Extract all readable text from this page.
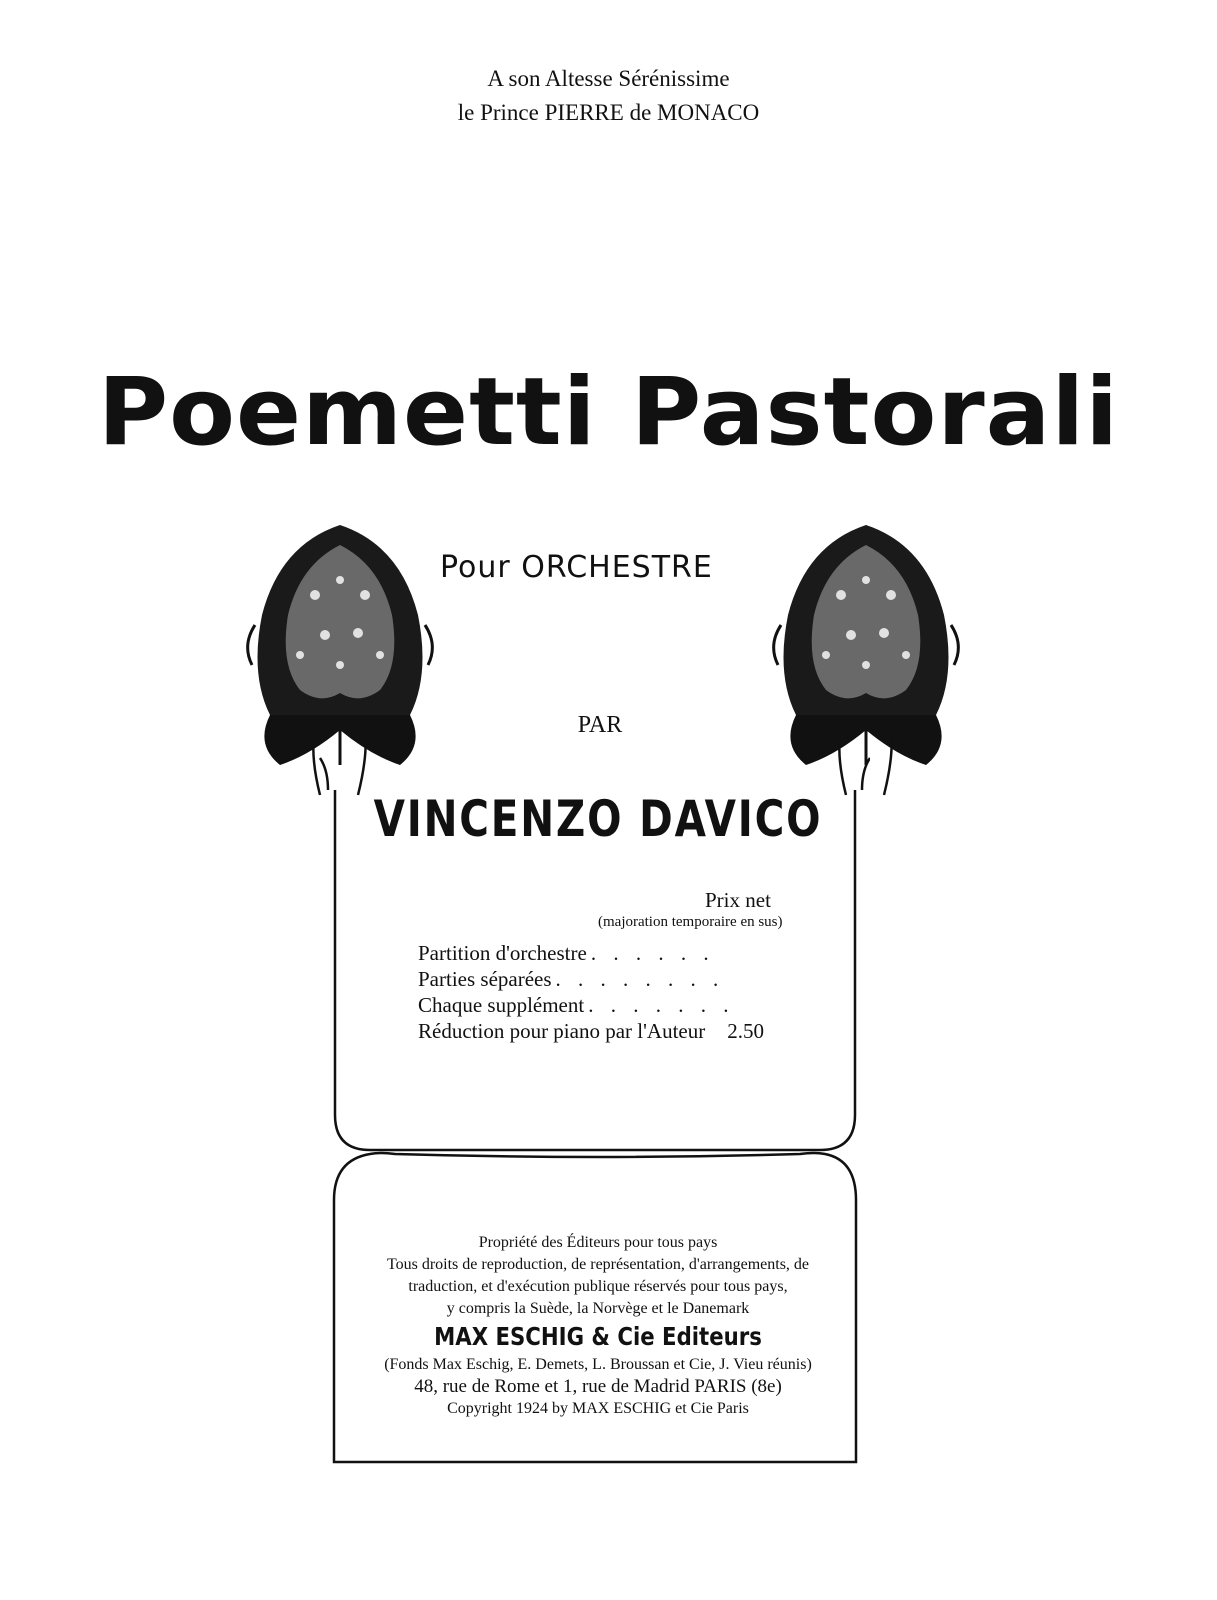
A son Altesse Sérénissime
le Prince PIERRE de MONACO
Poemetti Pastorali
Pour ORCHESTRE
PAR
VINCENZO DAVICO
Prix net
(majoration temporaire en sus)
Partition d'orchestre . . . . . .
Parties séparées . . . . . . . .
Chaque supplément . . . . . . .
Réduction pour piano par l'Auteur 2.50
Propriété des Éditeurs pour tous pays
Tous droits de reproduction, de représentation, d'arrangements, de
traduction, et d'exécution publique réservés pour tous pays,
y compris la Suède, la Norvège et le Danemark
MAX ESCHIG & Cie Editeurs
(Fonds Max Eschig, E. Demets, L. Broussan et Cie, J. Vieu réunis)
48, rue de Rome et 1, rue de Madrid PARIS (8e)
Copyright 1924 by MAX ESCHIG et Cie Paris
